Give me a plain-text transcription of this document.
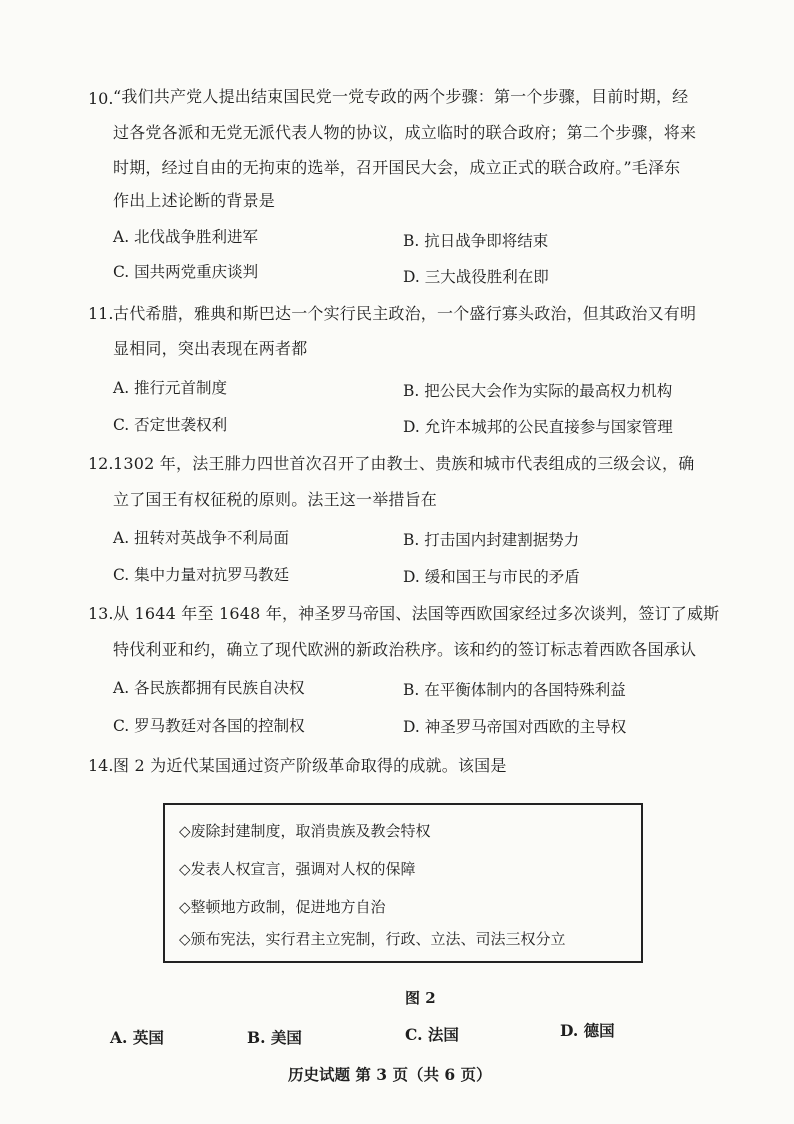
10. “我们共产党人提出结束国民党一党专政的两个步骤：第一个步骤，目前时期，经
过各党各派和无党无派代表人物的协议，成立临时的联合政府；第二个步骤，将来
时期，经过自由的无拘束的选举，召开国民大会，成立正式的联合政府。”毛泽东
作出上述论断的背景是
A. 北伐战争胜利进军	B. 抗日战争即将结束
C. 国共两党重庆谈判	D. 三大战役胜利在即
11. 古代希腊，雅典和斯巴达一个实行民主政治，一个盛行寡头政治，但其政治又有明
显相同，突出表现在两者都
A. 推行元首制度	B. 把公民大会作为实际的最高权力机构
C. 否定世袭权利	D. 允许本城邦的公民直接参与国家管理
12. 1302 年，法王腓力四世首次召开了由教士、贵族和城市代表组成的三级会议，确
立了国王有权征税的原则。法王这一举措旨在
A. 扭转对英战争不利局面	B. 打击国内封建割据势力
C. 集中力量对抗罗马教廷	D. 缓和国王与市民的矛盾
13. 从 1644 年至 1648 年，神圣罗马帝国、法国等西欧国家经过多次谈判，签订了威斯
特伐利亚和约，确立了现代欧洲的新政治秩序。该和约的签订标志着西欧各国承认
A. 各民族都拥有民族自决权	B. 在平衡体制内的各国特殊利益
C. 罗马教廷对各国的控制权	D. 神圣罗马帝国对西欧的主导权
14. 图 2 为近代某国通过资产阶级革命取得的成就。该国是
◇废除封建制度，取消贵族及教会特权
◇发表人权宣言，强调对人权的保障
◇整顿地方政制，促进地方自治
◇颁布宪法，实行君主立宪制，行政、立法、司法三权分立
图 2
A. 英国	B. 美国	C. 法国	D. 德国
历史试题 第 3 页（共 6 页）
